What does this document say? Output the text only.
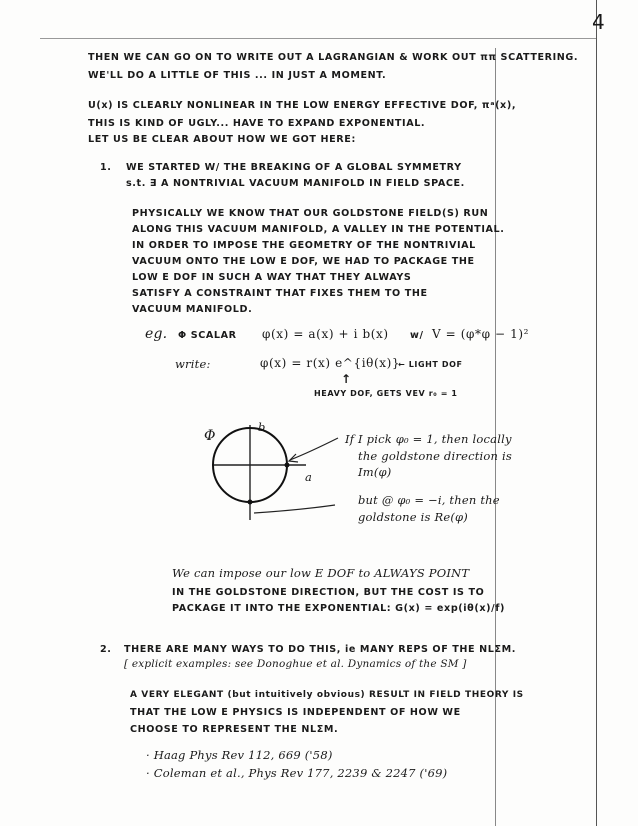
4
THEN WE CAN GO ON TO WRITE OUT A LAGRANGIAN & WORK OUT ππ SCATTERING.
WE'LL DO A LITTLE OF THIS ... IN JUST A MOMENT.
U(x) IS CLEARLY NONLINEAR IN THE LOW ENERGY EFFECTIVE DOF, πᵃ(x),
THIS IS KIND OF UGLY... HAVE TO EXPAND EXPONENTIAL.
LET US BE CLEAR ABOUT HOW WE GOT HERE:
1. WE STARTED W/ THE BREAKING OF A GLOBAL SYMMETRY
s.t. ∃ A NONTRIVIAL VACUUM MANIFOLD IN FIELD SPACE.
PHYSICALLY WE KNOW THAT OUR GOLDSTONE FIELD(S) RUN
ALONG THIS VACUUM MANIFOLD, A VALLEY IN THE POTENTIAL.
IN ORDER TO IMPOSE THE GEOMETRY OF THE NONTRIVIAL
VACUUM ONTO THE LOW E DOF, WE HAD TO PACKAGE THE
LOW E DOF IN SUCH A WAY THAT THEY ALWAYS
SATISFY A CONSTRAINT THAT FIXES THEM TO THE
VACUUM MANIFOLD.
eg. Φ SCALAR φ(x) = a(x) + i b(x) w/ V = (φ*φ − 1)²
write:	φ(x) = r(x) e^{iθ(x)}
← LIGHT DOF
↑
HEAVY DOF, GETS VEV r₀ = 1
Φ
b
a
If I pick φ₀ = 1, then locally
the goldstone direction is
Im(φ)
but @ φ₀ = −i, then the
goldstone is Re(φ)
We can impose our low E DOF to ALWAYS POINT
IN THE GOLDSTONE DIRECTION, BUT THE COST IS TO
PACKAGE IT INTO THE EXPONENTIAL: G(x) = exp(iθ(x)/f)
2. THERE ARE MANY WAYS TO DO THIS, ie MANY REPS OF THE NLΣM.
[ explicit examples: see Donoghue et al. Dynamics of the SM ]
A VERY ELEGANT (but intuitively obvious) RESULT IN FIELD THEORY IS
THAT THE LOW E PHYSICS IS INDEPENDENT OF HOW WE
CHOOSE TO REPRESENT THE NLΣM.
· Haag Phys Rev 112, 669 ('58)
· Coleman et al., Phys Rev 177, 2239 & 2247 ('69)
